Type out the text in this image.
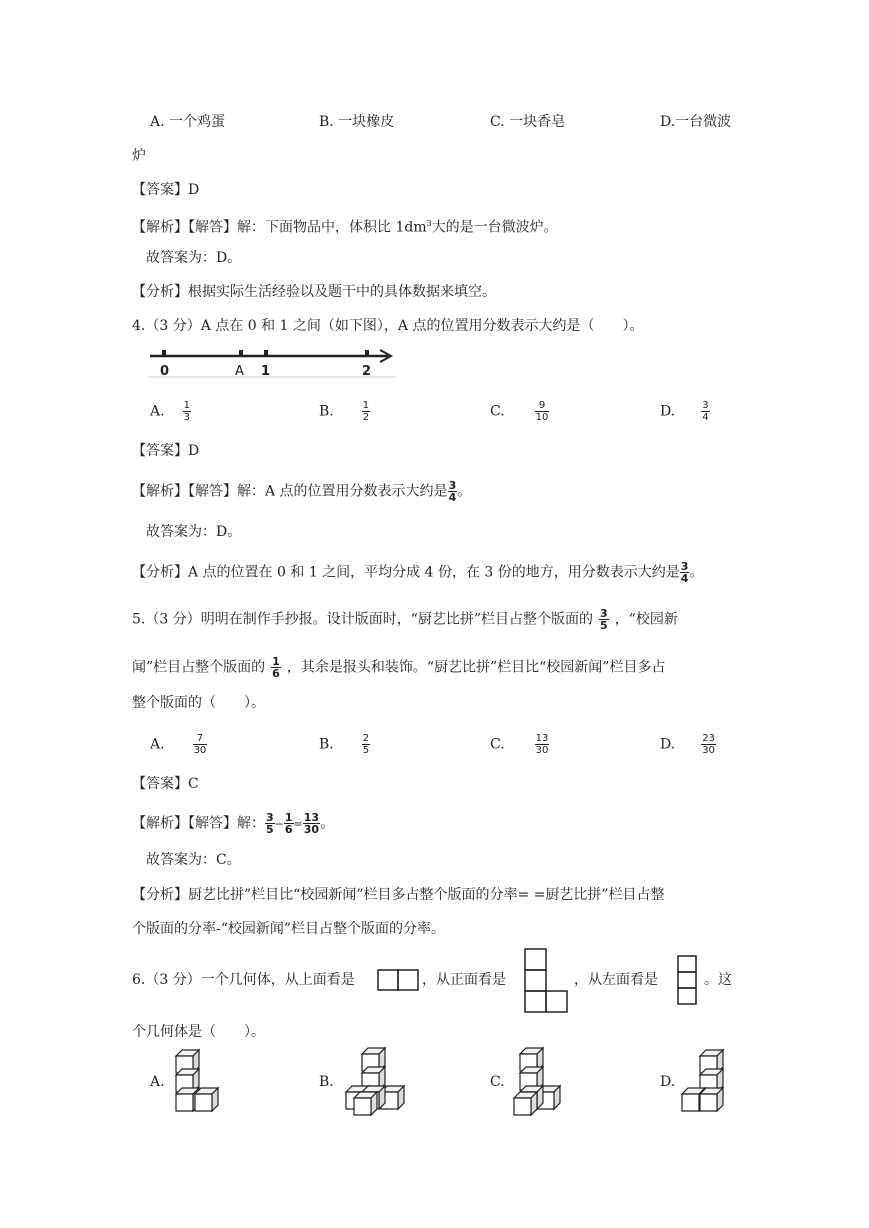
A. 一个鸡蛋	B. 一块橡皮	C. 一块香皂	D.一台微波
炉
【答案】D
【解析】【解答】解：下面物品中，体积比 $1dm^3$大的是一台微波炉。
故答案为：D。
【分析】根据实际生活经验以及题干中的具体数据来填空。
4.（3 分）A 点在 0 和 1 之间（如下图），A 点的位置用分数表示大约是（　　）。
0	A 1	2
A. $\frac{1}{3}$	B.	$\frac{1}{2}$	C.	$\frac{9}{10}$	D.	$\frac{3}{4}$
【答案】D
【解析】【解答】解：A 点的位置用分数表示大约是 $\frac{3}{4}$ 。
故答案为：D。
【分析】A 点的位置在 0 和 1 之间，平均分成 4 份，在 3 份的地方，用分数表示大约是 $\frac{3}{4}$ 。
5.（3 分）明明在制作手抄报。设计版面时，“厨艺比拼”栏目占整个版面的 $\frac{3}{5}$ ，“校园新
闻”栏目占整个版面的 $\frac{1}{6}$ ，其余是报头和装饰。“厨艺比拼”栏目比“校园新闻”栏目多占
整个版面的（　　）。
A.	$\frac{7}{30}$	B.	$\frac{2}{5}$	C.	$\frac{13}{30}$	D.	$\frac{23}{30}$
【答案】C
【解析】【解答】解： $\frac{3}{5} - \frac{1}{6} = \frac{13}{30}$ 。
故答案为：C。
【分析】厨艺比拼”栏目比“校园新闻”栏目多占整个版面的分率= =厨艺比拼”栏目占整
个版面的分率-“校园新闻”栏目占整个版面的分率。
6.（3 分）一个几何体，从上面看是	，从正面看是	，从左面看是	。这
个几何体是（　　）。
A.	B.	C.	D.
